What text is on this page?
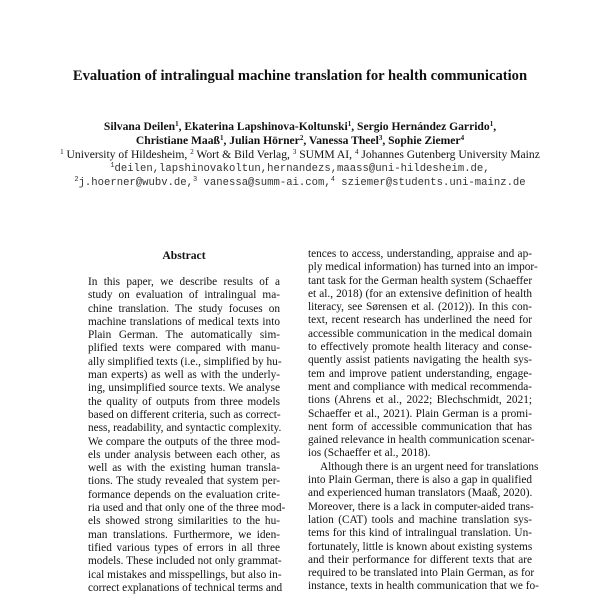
Evaluation of intralingual machine translation for health communication
Silvana Deilen$^1$, Ekaterina Lapshinova-Koltunski$^1$, Sergio Hernández Garrido$^1$,
Christiane Maaß$^1$, Julian Hörner$^2$, Vanessa Theel$^3$, Sophie Ziemer$^4$
$^1$ University of Hildesheim, $^2$ Wort & Bild Verlag, $^3$ SUMM AI, $^4$ Johannes Gutenberg University Mainz
$^1$deilen,lapshinovakoltun,hernandezs,maass@uni-hildesheim.de,
$^2$j.hoerner@wubv.de,$^3$ vanessa@summ-ai.com,$^4$ sziemer@students.uni-mainz.de
Abstract
In this paper, we describe results of a
study on evaluation of intralingual ma-
chine translation. The study focuses on
machine translations of medical texts into
Plain German. The automatically sim-
plified texts were compared with manu-
ally simplified texts (i.e., simplified by hu-
man experts) as well as with the underly-
ing, unsimplified source texts. We analyse
the quality of outputs from three models
based on different criteria, such as correct-
ness, readability, and syntactic complexity.
We compare the outputs of the three mod-
els under analysis between each other, as
well as with the existing human transla-
tions. The study revealed that system per-
formance depends on the evaluation crite-
ria used and that only one of the three mod-
els showed strong similarities to the hu-
man translations. Furthermore, we iden-
tified various types of errors in all three
models. These included not only grammat-
ical mistakes and misspellings, but also in-
correct explanations of technical terms and
tences to access, understanding, appraise and ap-
ply medical information) has turned into an impor-
tant task for the German health system (Schaeffer
et al., 2018) (for an extensive definition of health
literacy, see Sørensen et al. (2012)). In this con-
text, recent research has underlined the need for
accessible communication in the medical domain
to effectively promote health literacy and conse-
quently assist patients navigating the health sys-
tem and improve patient understanding, engage-
ment and compliance with medical recommenda-
tions (Ahrens et al., 2022; Blechschmidt, 2021;
Schaeffer et al., 2021). Plain German is a promi-
nent form of accessible communication that has
gained relevance in health communication scenar-
ios (Schaeffer et al., 2018).
Although there is an urgent need for translations
into Plain German, there is also a gap in qualified
and experienced human translators (Maaß, 2020).
Moreover, there is a lack in computer-aided trans-
lation (CAT) tools and machine translation sys-
tems for this kind of intralingual translation. Un-
fortunately, little is known about existing systems
and their performance for different texts that are
required to be translated into Plain German, as for
instance, texts in health communication that we fo-
